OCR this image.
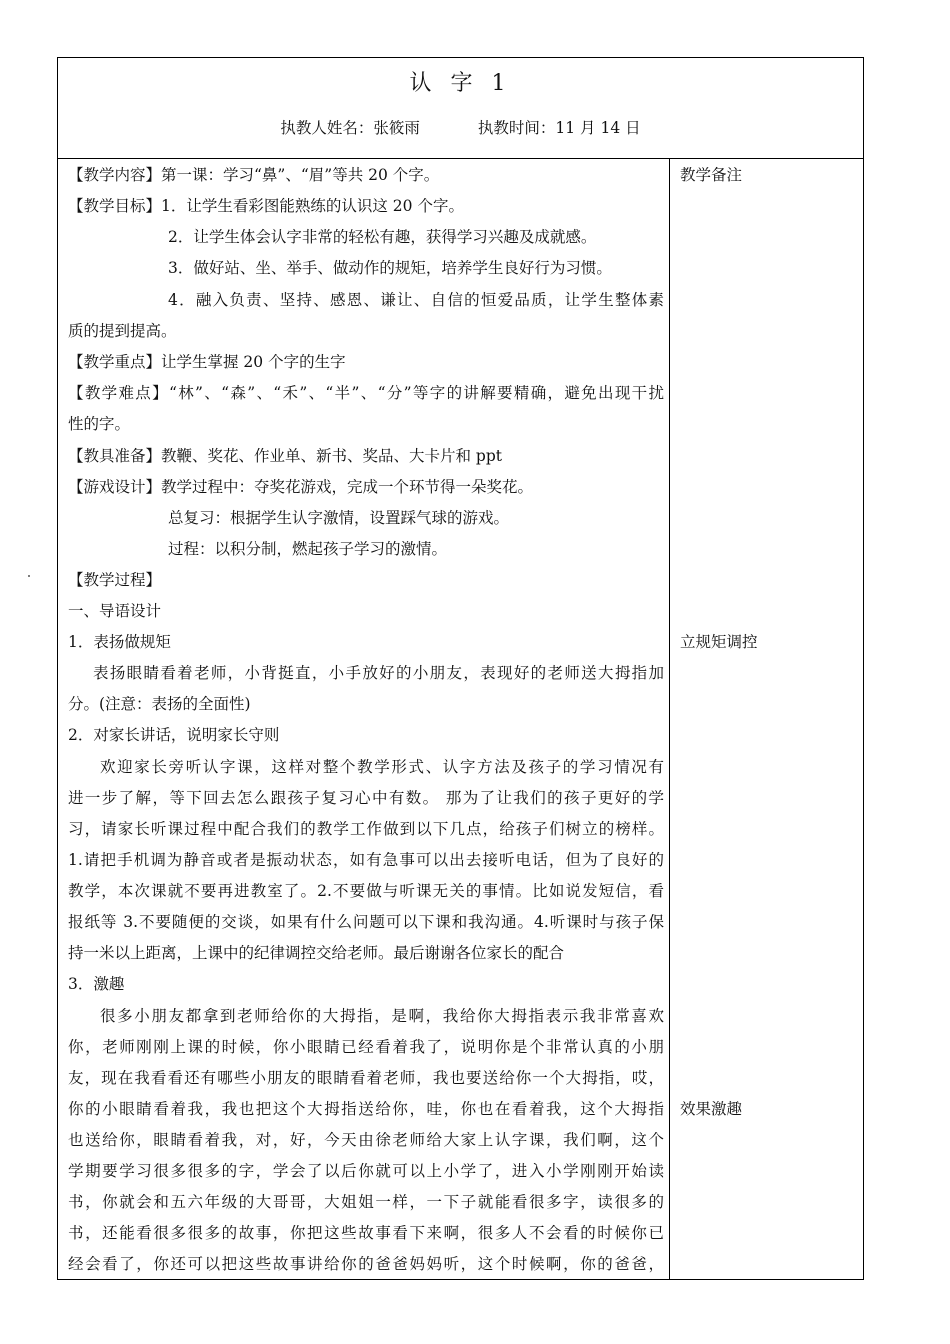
认 字 1
执教人姓名：张筱雨	执教时间：11 月 14 日
【教学内容】第一课：学习“鼻”、“眉”等共 20 个字。
【教学目标】1．让学生看彩图能熟练的认识这 20 个字。
2．让学生体会认字非常的轻松有趣，获得学习兴趣及成就感。
3．做好站、坐、举手、做动作的规矩，培养学生良好行为习惯。
4．融入负责、坚持、感恩、谦让、自信的恒爱品质，让学生整体素
质的提到提高。
【教学重点】让学生掌握 20 个字的生字
【教学难点】“林”、“森”、“禾”、“半”、“分”等字的讲解要精确，避免出现干扰
性的字。
【教具准备】教鞭、奖花、作业单、新书、奖品、大卡片和 ppt
【游戏设计】教学过程中：夺奖花游戏，完成一个环节得一朵奖花。
总复习：根据学生认字激情，设置踩气球的游戏。
过程：以积分制，燃起孩子学习的激情。
【教学过程】
一、导语设计
1．表扬做规矩
表扬眼睛看着老师，小背挺直，小手放好的小朋友，表现好的老师送大拇指加
分。(注意：表扬的全面性)
2．对家长讲话，说明家长守则
欢迎家长旁听认字课，这样对整个教学形式、认字方法及孩子的学习情况有
进一步了解，等下回去怎么跟孩子复习心中有数。 那为了让我们的孩子更好的学
习，请家长听课过程中配合我们的教学工作做到以下几点，给孩子们树立的榜样。
1.请把手机调为静音或者是振动状态，如有急事可以出去接听电话，但为了良好的
教学，本次课就不要再进教室了。2.不要做与听课无关的事情。比如说发短信，看
报纸等 3.不要随便的交谈，如果有什么问题可以下课和我沟通。4.听课时与孩子保
持一米以上距离，上课中的纪律调控交给老师。最后谢谢各位家长的配合
3．激趣
很多小朋友都拿到老师给你的大拇指，是啊，我给你大拇指表示我非常喜欢
你，老师刚刚上课的时候，你小眼睛已经看着我了，说明你是个非常认真的小朋
友，现在我看看还有哪些小朋友的眼睛看着老师，我也要送给你一个大拇指，哎，
你的小眼睛看着我，我也把这个大拇指送给你，哇，你也在看着我，这个大拇指
也送给你，眼睛看着我，对，好，今天由徐老师给大家上认字课，我们啊，这个
学期要学习很多很多的字，学会了以后你就可以上小学了，进入小学刚刚开始读
书，你就会和五六年级的大哥哥，大姐姐一样，一下子就能看很多字，读很多的
书，还能看很多很多的故事，你把这些故事看下来啊，很多人不会看的时候你已
经会看了，你还可以把这些故事讲给你的爸爸妈妈听，这个时候啊，你的爸爸，
教学备注
立规矩调控
效果激趣
